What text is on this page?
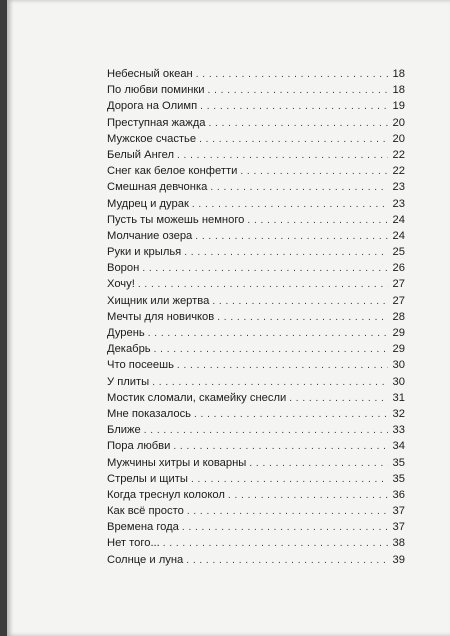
Небесный океан . . .	18
По любви поминки . . .	18
Дорога на Олимп . . .	19
Преступная жажда . . .	20
Мужское счастье . . .	20
Белый Ангел . . .	22
Снег как белое конфетти . . .	22
Смешная девчонка . . .	23
Мудрец и дурак . . .	23
Пусть ты можешь немного . . .	24
Молчание озера . . .	24
Руки и крылья . . .	25
Ворон . . .	26
Хочу! . . .	27
Хищник или жертва . . .	27
Мечты для новичков . . .	28
Дурень . . .	29
Декабрь . . .	29
Что посеешь . . .	30
У плиты . . .	30
Мостик сломали, скамейку снесли . . .	31
Мне показалось . . .	32
Ближе . . .	33
Пора любви . . .	34
Мужчины хитры и коварны . . .	35
Стрелы и щиты . . .	35
Когда треснул колокол . . .	36
Как всё просто . . .	37
Времена года . . .	37
Нет того... . . .	38
Солнце и луна . . .	39
